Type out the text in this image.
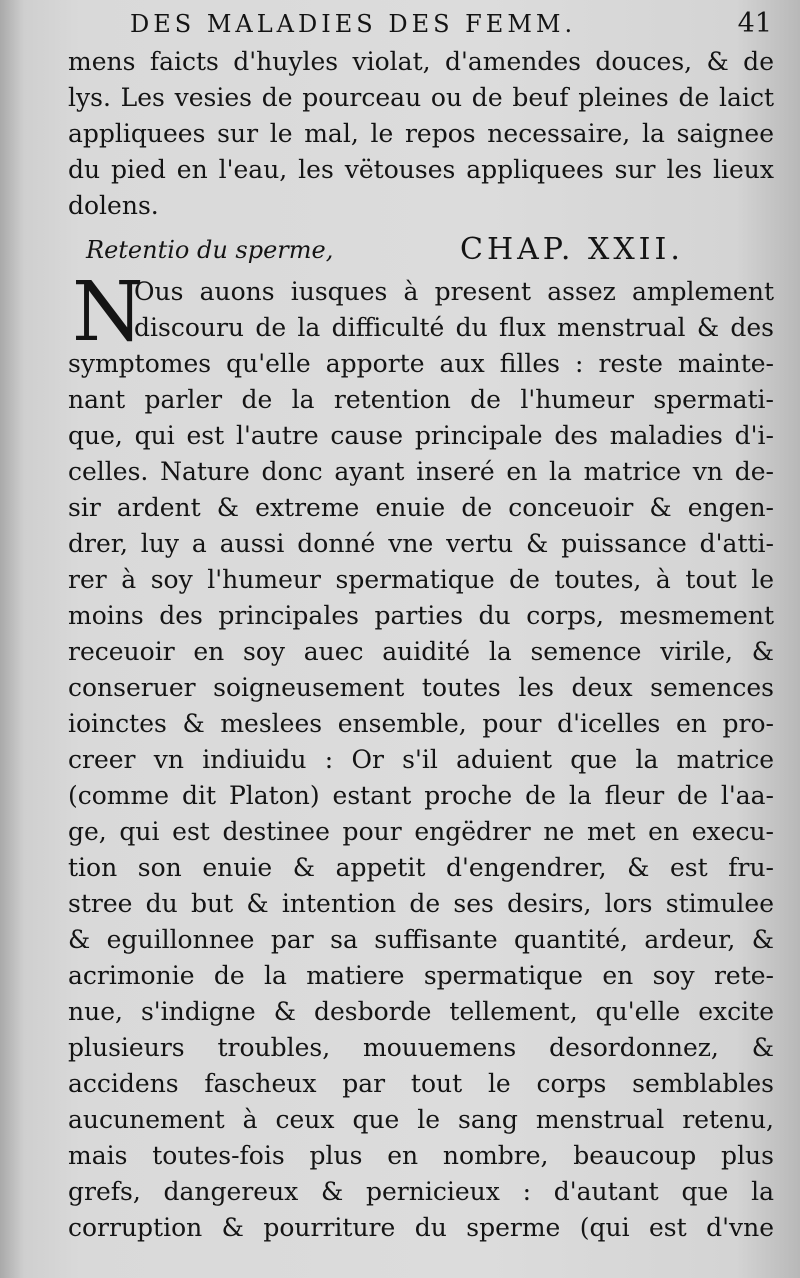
DES MALADIES DES FEMM.	41
mens faicts d'huyles violat, d'amendes douces, & de
lys. Les vesies de pourceau ou de beuf pleines de laict
appliquees sur le mal, le repos necessaire, la saignee
du pied en l'eau, les vëtouses appliquees sur les lieux
dolens.
Retentio du sperme,	CHAP. XXII.
N
Ous auons iusques à present assez amplement
discouru de la difficulté du flux menstrual & des
symptomes qu'elle apporte aux filles : reste mainte-
nant parler de la retention de l'humeur spermati-
que, qui est l'autre cause principale des maladies d'i-
celles. Nature donc ayant inseré en la matrice vn de-
sir ardent & extreme enuie de conceuoir & engen-
drer, luy a aussi donné vne vertu & puissance d'atti-
rer à soy l'humeur spermatique de toutes, à tout le
moins des principales parties du corps, mesmement
receuoir en soy auec auidité la semence virile, &
conseruer soigneusement toutes les deux semences
ioinctes & meslees ensemble, pour d'icelles en pro-
creer vn indiuidu : Or s'il aduient que la matrice
(comme dit Platon) estant proche de la fleur de l'aa-
ge, qui est destinee pour engëdrer ne met en execu-
tion son enuie & appetit d'engendrer, & est fru-
stree du but & intention de ses desirs, lors stimulee
& eguillonnee par sa suffisante quantité, ardeur, &
acrimonie de la matiere spermatique en soy rete-
nue, s'indigne & desborde tellement, qu'elle excite
plusieurs troubles, mouuemens desordonnez, &
accidens fascheux par tout le corps semblables
aucunement à ceux que le sang menstrual retenu,
mais toutes-fois plus en nombre, beaucoup plus
grefs, dangereux & pernicieux : d'autant que la
corruption & pourriture du sperme (qui est d'vne
